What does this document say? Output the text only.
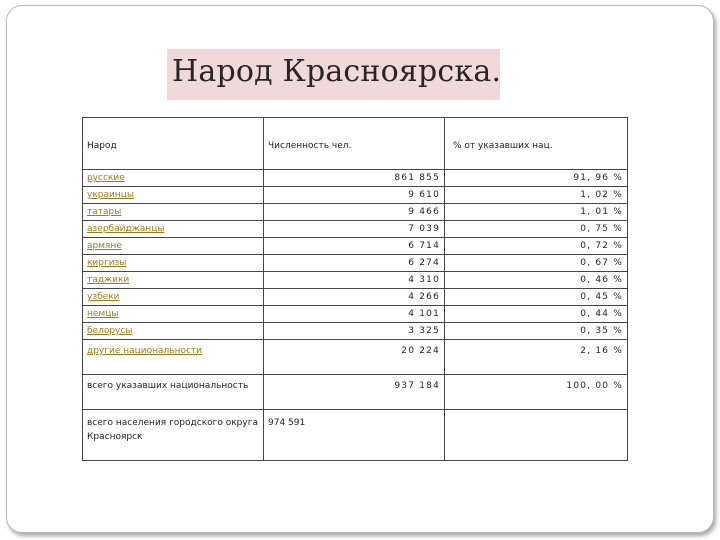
Народ Красноярска.

Народ	Численность чел.	% от указавших нац.
русские	861 855	91, 96 %
украинцы	9 610	1, 02 %
татары	9 466	1, 01 %
азербайджанцы	7 039	0, 75 %
армяне	6 714	0, 72 %
киргизы	6 274	0, 67 %
таджики	4 310	0, 46 %
узбеки	4 266	0, 45 %
немцы	4 101	0, 44 %
белорусы	3 325	0, 35 %
другие национальности	20 224	2, 16 %
всего указавших национальность	937 184	100, 00 %
всего населения городского округа Красноярск	974 591	
